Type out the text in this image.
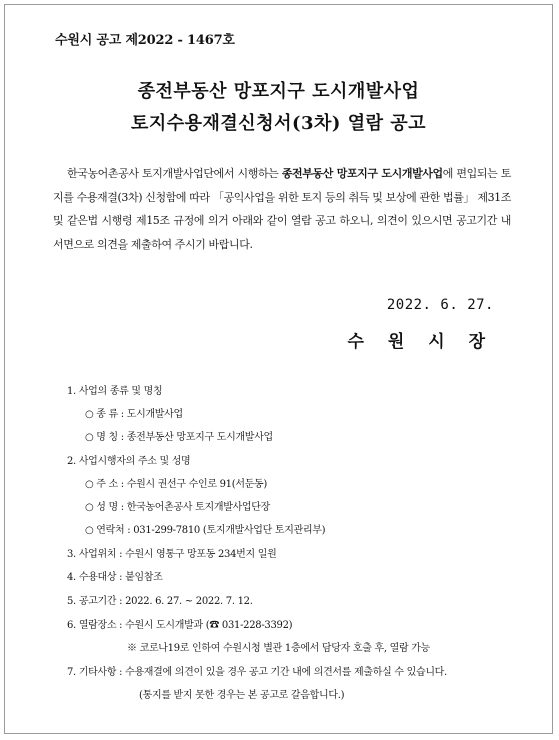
수원시 공고 제2022 - 1467호
종전부동산 망포지구 도시개발사업
토지수용재결신청서(3차) 열람 공고
한국농어촌공사 토지개발사업단에서 시행하는 종전부동산 망포지구 도시개발사업에 편입되는 토지를 수용재결(3차) 신청함에 따라 「공익사업을 위한 토지 등의 취득 및 보상에 관한 법률」 제31조 및 같은법 시행령 제15조 규정에 의거 아래와 같이 열람 공고 하오니, 의견이 있으시면 공고기간 내 서면으로 의견을 제출하여 주시기 바랍니다.
2022. 6. 27.
수 원 시 장
1. 사업의 종류 및 명칭
○ 종 류 : 도시개발사업
○ 명 칭 : 종전부동산 망포지구 도시개발사업
2. 사업시행자의 주소 및 성명
○ 주 소 : 수원시 권선구 수인로 91(서둔동)
○ 성 명 : 한국농어촌공사 토지개발사업단장
○ 연락처 : 031-299-7810 (토지개발사업단 토지관리부)
3. 사업위치 : 수원시 영통구 망포동 234번지 일원
4. 수용대상 : 붙임참조
5. 공고기간 : 2022. 6. 27. ~ 2022. 7. 12.
6. 열람장소 : 수원시 도시개발과 (☎ 031-228-3392)
※ 코로나19로 인하여 수원시청 별관 1층에서 담당자 호출 후, 열람 가능
7. 기타사항 : 수용재결에 의견이 있을 경우 공고 기간 내에 의견서를 제출하실 수 있습니다.
(통지를 받지 못한 경우는 본 공고로 갈음합니다.)
